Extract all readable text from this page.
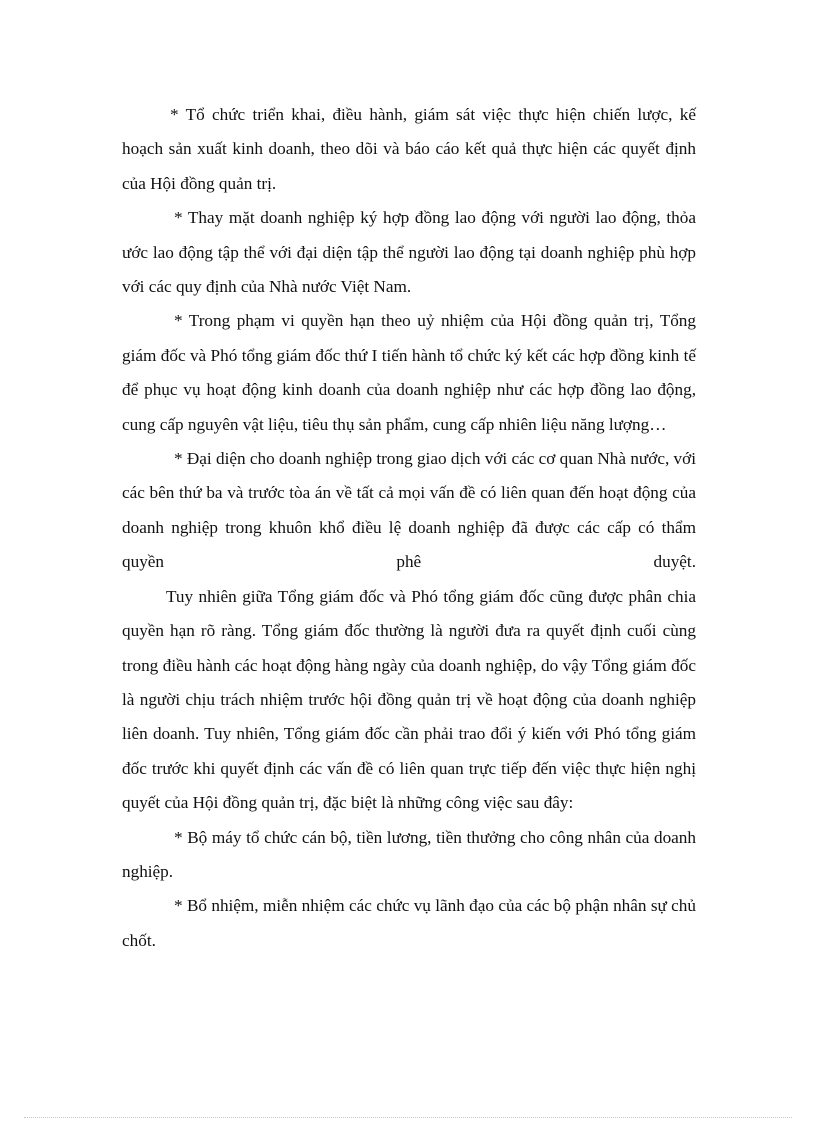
* Tổ chức triển khai, điều hành, giám sát việc thực hiện chiến lược, kế hoạch sản xuất kinh doanh, theo dõi và báo cáo kết quả thực hiện các quyết định của Hội đồng quản trị.

* Thay mặt doanh nghiệp ký hợp đồng lao động với người lao động, thỏa ước lao động tập thể với đại diện tập thể người lao động tại doanh nghiệp phù hợp với các quy định của Nhà nước Việt Nam.

* Trong phạm vi quyền hạn theo uỷ nhiệm của Hội đồng quản trị, Tổng giám đốc và Phó tổng giám đốc thứ I tiến hành tổ chức ký kết các hợp đồng kinh tế để phục vụ hoạt động kinh doanh của doanh nghiệp như các hợp đồng lao động, cung cấp nguyên vật liệu, tiêu thụ sản phẩm, cung cấp nhiên liệu năng lượng…

* Đại diện cho doanh nghiệp trong giao dịch với các cơ quan Nhà nước, với các bên thứ ba và trước tòa án về tất cả mọi vấn đề có liên quan đến hoạt động của doanh nghiệp trong khuôn khổ điều lệ doanh nghiệp đã được các cấp có thẩm quyền phê duyệt.

Tuy nhiên giữa Tổng giám đốc và Phó tổng giám đốc cũng được phân chia quyền hạn rõ ràng. Tổng giám đốc thường là người đưa ra quyết định cuối cùng trong điều hành các hoạt động hàng ngày của doanh nghiệp, do vậy Tổng giám đốc là người chịu trách nhiệm trước hội đồng quản trị về hoạt động của doanh nghiệp liên doanh. Tuy nhiên, Tổng giám đốc cần phải trao đổi ý kiến với Phó tổng giám đốc trước khi quyết định các vấn đề có liên quan trực tiếp đến việc thực hiện nghị quyết của Hội đồng quản trị, đặc biệt là những công việc sau đây:

* Bộ máy tổ chức cán bộ, tiền lương, tiền thưởng cho công nhân của doanh nghiệp.

* Bổ nhiệm, miễn nhiệm các chức vụ lãnh đạo của các bộ phận nhân sự chủ chốt.
